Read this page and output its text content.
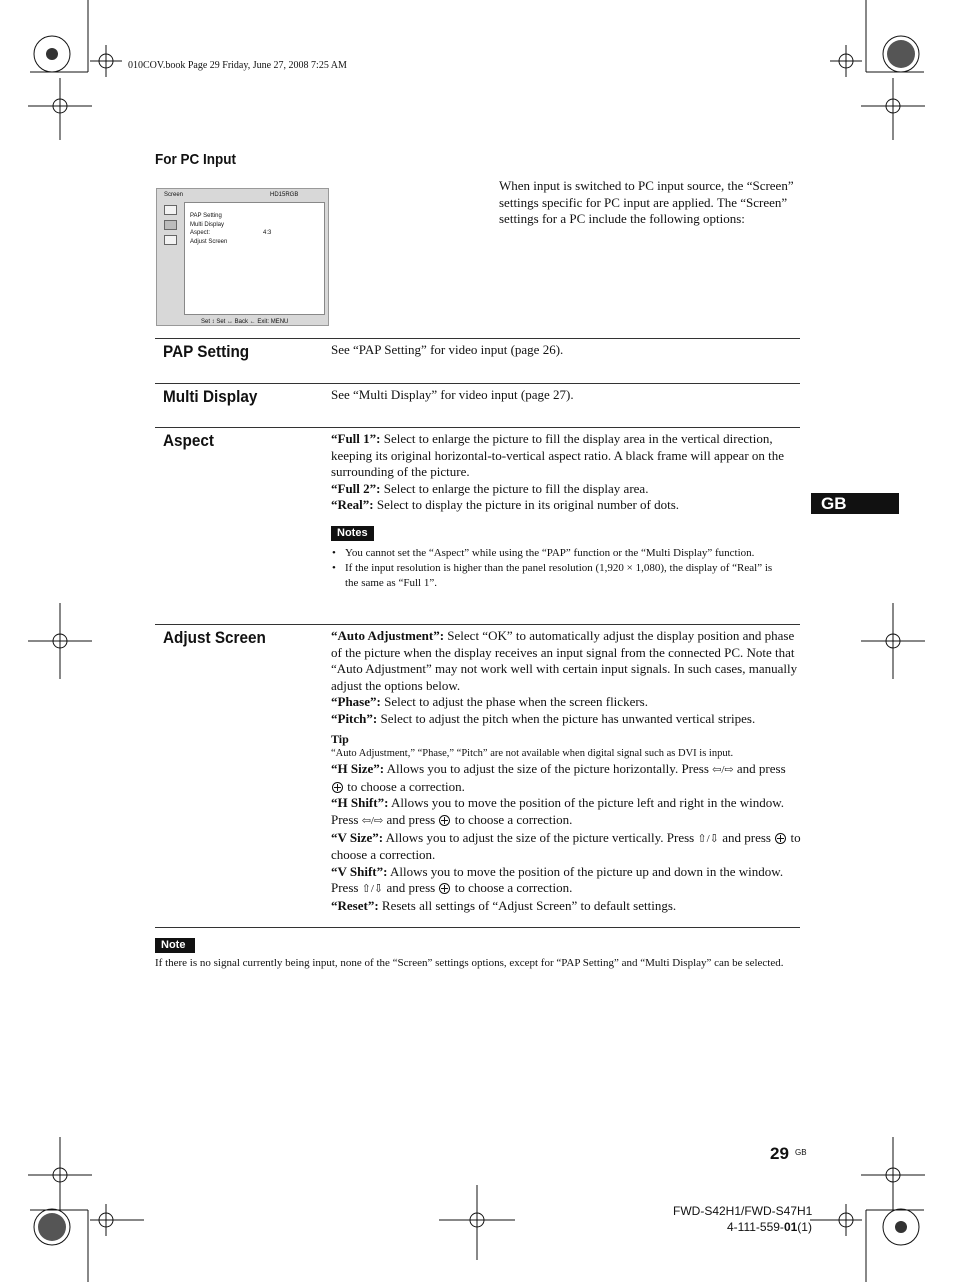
010COV.book Page 29 Friday, June 27, 2008 7:25 AM
For PC Input
Screen	HD15RGB
PAP Setting
Multi Display
Aspect:	4:3
Adjust Screen
Set ↕ Set ↔ Back ← Exit: MENU
When input is switched to PC input source, the “Screen” settings specific for PC input are applied. The “Screen” settings for a PC include the following options:
PAP Setting	See “PAP Setting” for video input (page 26).
Multi Display	See “Multi Display” for video input (page 27).
Aspect	“Full 1”: Select to enlarge the picture to fill the display area in the vertical direction, keeping its original horizontal-to-vertical aspect ratio. A black frame will appear on the surrounding of the picture.
“Full 2”: Select to enlarge the picture to fill the display area.
“Real”: Select to display the picture in its original number of dots.
Notes
• You cannot set the “Aspect” while using the “PAP” function or the “Multi Display” function.
• If the input resolution is higher than the panel resolution (1,920 × 1,080), the display of “Real” is the same as “Full 1”.
Adjust Screen	“Auto Adjustment”: Select “OK” to automatically adjust the display position and phase of the picture when the display receives an input signal from the connected PC. Note that “Auto Adjustment” may not work well with certain input signals. In such cases, manually adjust the options below.
“Phase”: Select to adjust the phase when the screen flickers.
“Pitch”: Select to adjust the pitch when the picture has unwanted vertical stripes.
Tip
“Auto Adjustment,” “Phase,” “Pitch” are not available when digital signal such as DVI is input.
“H Size”: Allows you to adjust the size of the picture horizontally. Press ⇦/⇨ and press  to choose a correction.
“H Shift”: Allows you to move the position of the picture left and right in the window. Press ⇦/⇨ and press  to choose a correction.
“V Size”: Allows you to adjust the size of the picture vertically. Press ⇧/⇩ and press  to choose a correction.
“V Shift”: Allows you to move the position of the picture up and down in the window. Press ⇧/⇩ and press  to choose a correction.
“Reset”: Resets all settings of “Adjust Screen” to default settings.
Note
If there is no signal currently being input, none of the “Screen” settings options, except for “PAP Setting” and “Multi Display” can be selected.
GB
29 GB
FWD-S42H1/FWD-S47H1
4-111-559-01(1)
